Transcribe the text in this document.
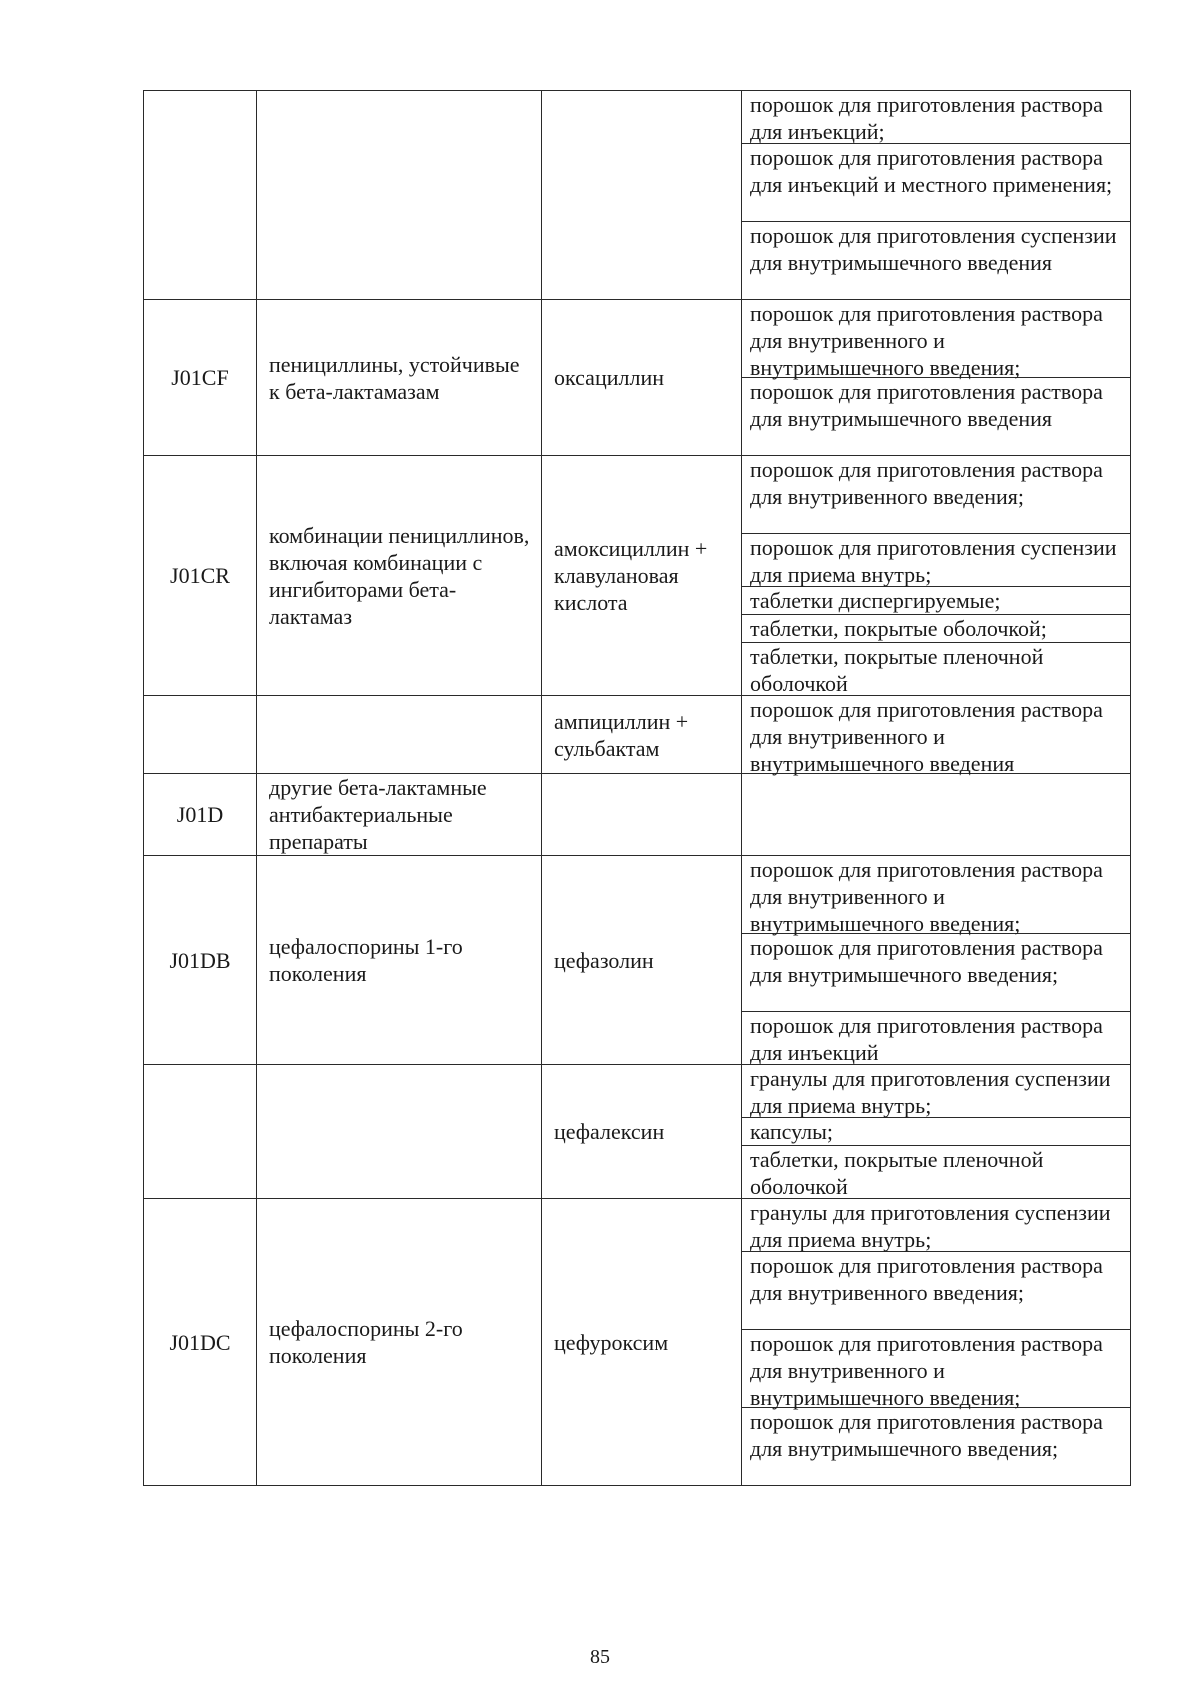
			порошок для приготовления раствора для инъекций;
порошок для приготовления раствора для инъекций и местного применения;
порошок для приготовления суспензии для внутримышечного введения

J01CF	пенициллины, устойчивые к бета-лактамазам	оксациллин	порошок для приготовления раствора для внутривенного и внутримышечного введения;
порошок для приготовления раствора для внутримышечного введения

J01CR	комбинации пенициллинов, включая комбинации с ингибиторами бета-лактамаз	амоксициллин + клавулановая кислота	порошок для приготовления раствора для внутривенного введения;
порошок для приготовления суспензии для приема внутрь;
таблетки диспергируемые;
таблетки, покрытые оболочкой;
таблетки, покрытые пленочной оболочкой

		ампициллин + сульбактам	порошок для приготовления раствора для внутривенного и внутримышечного введения

J01D	другие бета-лактамные антибактериальные препараты		

J01DB	цефалоспорины 1-го поколения	цефазолин	порошок для приготовления раствора для внутривенного и внутримышечного введения;
порошок для приготовления раствора для внутримышечного введения;
порошок для приготовления раствора для инъекций

		цефалексин	гранулы для приготовления суспензии для приема внутрь;
капсулы;
таблетки, покрытые пленочной оболочкой

J01DC	цефалоспорины 2-го поколения	цефуроксим	гранулы для приготовления суспензии для приема внутрь;
порошок для приготовления раствора для внутривенного введения;
порошок для приготовления раствора для внутривенного и внутримышечного введения;
порошок для приготовления раствора для внутримышечного введения;
85
